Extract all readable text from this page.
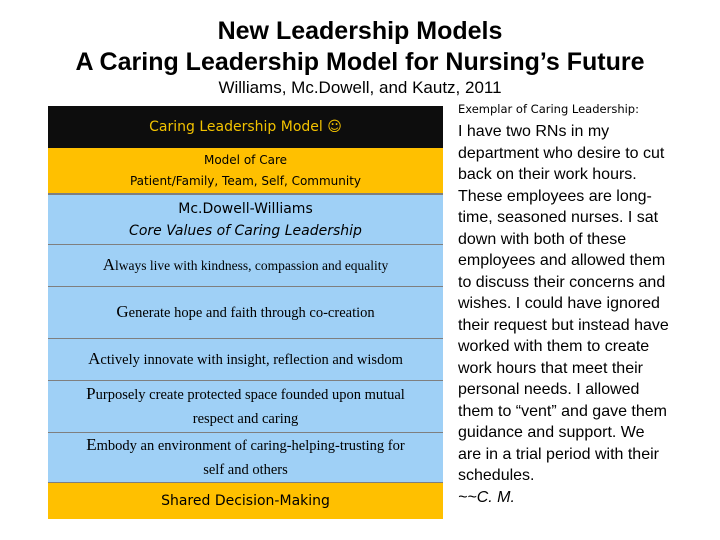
New Leadership Models
A Caring Leadership Model for Nursing’s Future
Williams, Mc.Dowell, and Kautz, 2011
Caring Leadership Model ☺
Model of Care
Patient/Family, Team, Self, Community
Mc.Dowell-Williams
Core Values of Caring Leadership
Always live with kindness, compassion and equality
Generate hope and faith through co-creation
Actively innovate with insight, reflection and wisdom
Purposely create protected space founded upon mutual
respect and caring
Embody an environment of caring-helping-trusting for
self and others
Shared Decision-Making
Exemplar of Caring Leadership:
I have two RNs in my
department who desire to cut
back on their work hours.
These employees are long-
time, seasoned nurses. I sat
down with both of these
employees and allowed them
to discuss their concerns and
wishes. I could have ignored
their request but instead have
worked with them to create
work hours that meet their
personal needs. I allowed
them to “vent” and gave them
guidance and support. We
are in a trial period with their
schedules.
~~C. M.
